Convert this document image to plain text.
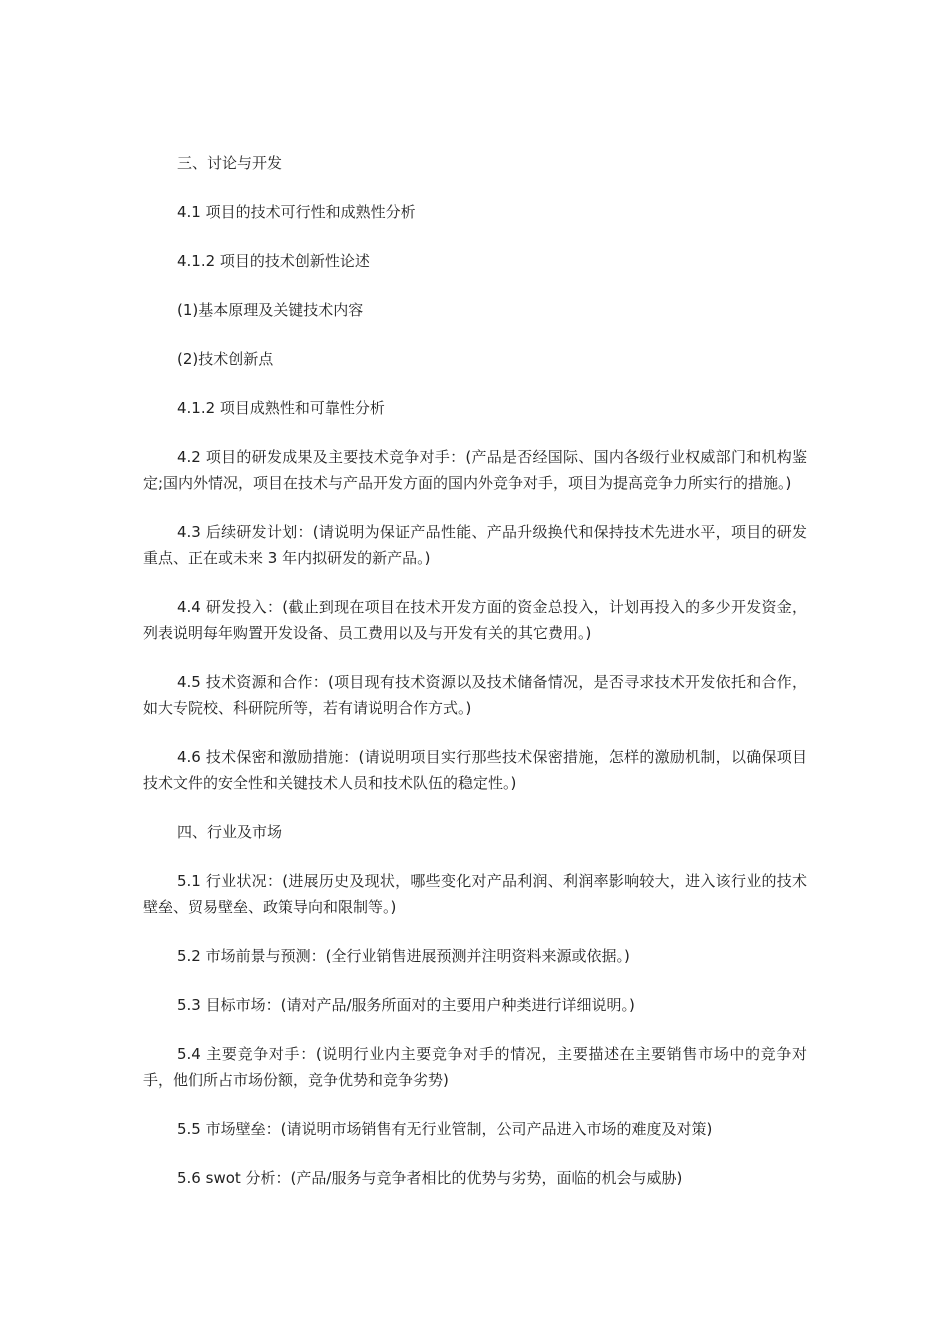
三、讨论与开发

4.1 项目的技术可行性和成熟性分析

4.1.2 项目的技术创新性论述

(1)基本原理及关键技术内容

(2)技术创新点

4.1.2 项目成熟性和可靠性分析

4.2 项目的研发成果及主要技术竞争对手：(产品是否经国际、国内各级行业权威部门和机构鉴定;国内外情况，项目在技术与产品开发方面的国内外竞争对手，项目为提高竞争力所实行的措施。)

4.3 后续研发计划：(请说明为保证产品性能、产品升级换代和保持技术先进水平，项目的研发重点、正在或未来 3 年内拟研发的新产品。)

4.4 研发投入：(截止到现在项目在技术开发方面的资金总投入，计划再投入的多少开发资金，列表说明每年购置开发设备、员工费用以及与开发有关的其它费用。)

4.5 技术资源和合作：(项目现有技术资源以及技术储备情况，是否寻求技术开发依托和合作，如大专院校、科研院所等，若有请说明合作方式。)

4.6 技术保密和激励措施：(请说明项目实行那些技术保密措施，怎样的激励机制，以确保项目技术文件的安全性和关键技术人员和技术队伍的稳定性。)

四、行业及市场

5.1 行业状况：(进展历史及现状，哪些变化对产品利润、利润率影响较大，进入该行业的技术壁垒、贸易壁垒、政策导向和限制等。)

5.2 市场前景与预测：(全行业销售进展预测并注明资料来源或依据。)

5.3 目标市场：(请对产品/服务所面对的主要用户种类进行详细说明。)

5.4 主要竞争对手：(说明行业内主要竞争对手的情况，主要描述在主要销售市场中的竞争对手，他们所占市场份额，竞争优势和竞争劣势)

5.5 市场壁垒：(请说明市场销售有无行业管制，公司产品进入市场的难度及对策)

5.6 swot 分析：(产品/服务与竞争者相比的优势与劣势，面临的机会与威胁)
